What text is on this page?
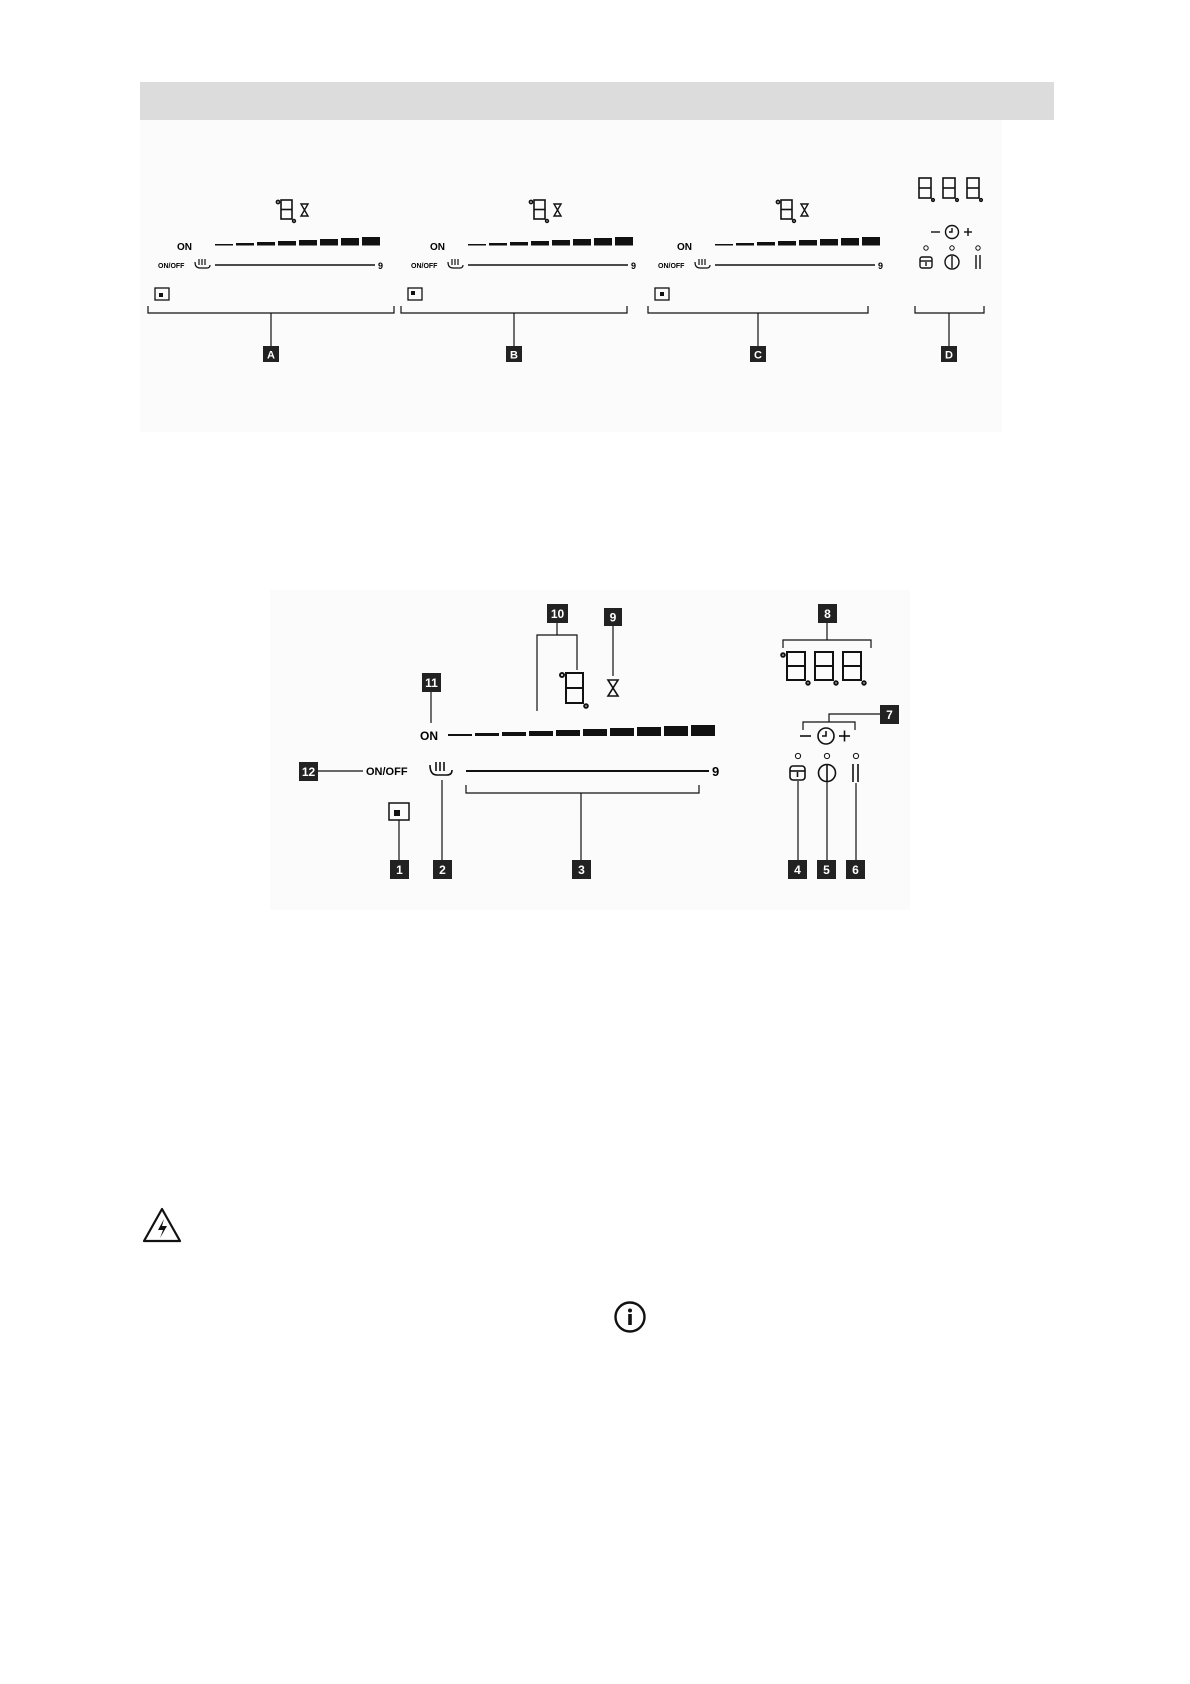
ON
ON/OFF	9
A
ON
ON/OFF	9
B
ON
ON/OFF	9
C	D
10	9
11
ON
12	ON/OFF	9
1	2	3
8
7
4 5 6
